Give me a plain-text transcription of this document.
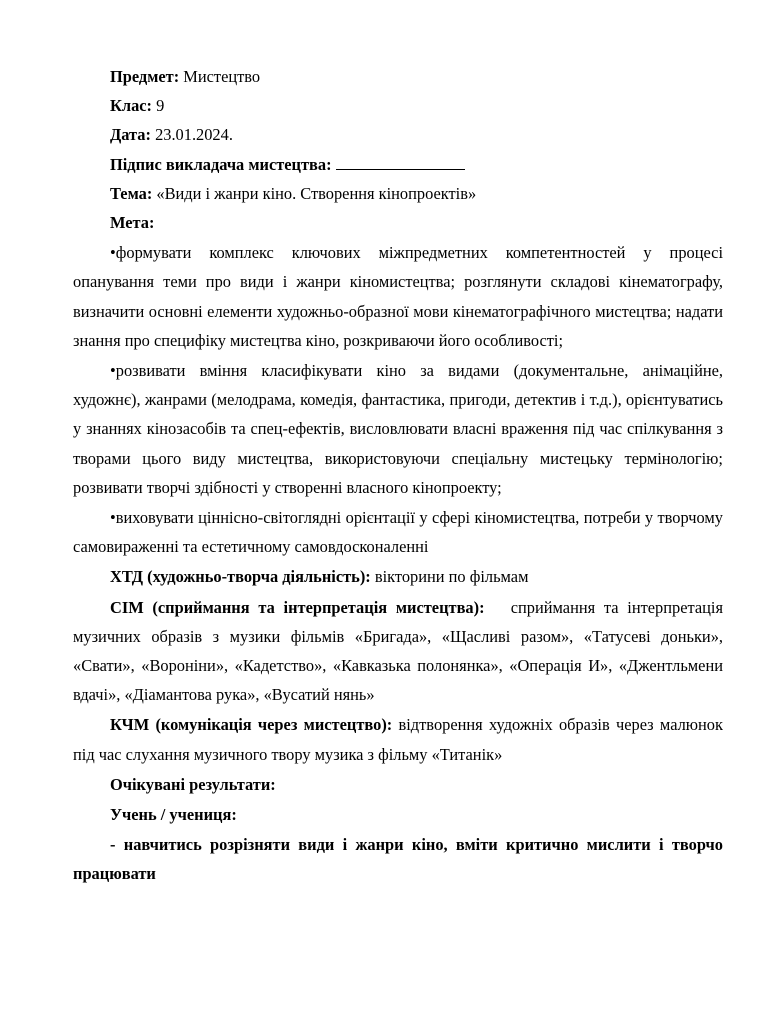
Предмет: Мистецтво

Клас: 9

Дата: 23.01.2024.

Підпис викладача мистецтва:

Тема: «Види і жанри кіно. Створення кінопроектів»

Мета:

•формувати комплекс ключових міжпредметних компетентностей у процесі опанування теми про види і жанри кіномистецтва; розглянути складові кінематографу, визначити основні елементи художньо-образної мови кінематографічного мистецтва; надати знання про специфіку мистецтва кіно, розкриваючи його особливості;

•розвивати вміння класифікувати кіно за видами (документальне, анімаційне, художнє), жанрами (мелодрама, комедія, фантастика, пригоди, детектив і т.д.), орієнтуватись у знаннях кінозасобів та спец-ефектів, висловлювати власні враження під час спілкування з творами цього виду мистецтва, використовуючи спеціальну мистецьку термінологію; розвивати творчі здібності у створенні власного кінопроекту;

•виховувати ціннісно-світоглядні орієнтації у сфері кіномистецтва, потреби у творчому самовираженні та естетичному самовдосконаленні

ХТД (художньо-творча діяльність): вікторини по фільмам

СІМ (сприймання та інтерпретація мистецтва): сприймання та інтерпретація музичних образів з музики фільмів «Бригада», «Щасливі разом», «Татусеві доньки», «Свати», «Вороніни», «Кадетство», «Кавказька полонянка», «Операція И», «Джентльмени вдачі», «Діамантова рука», «Вусатий нянь»

КЧМ (комунікація через мистецтво): відтворення художніх образів через малюнок під час слухання музичного твору музика з фільму «Титанік»

Очікувані результати:

Учень / учениця:

- навчитись розрізняти види і жанри кіно, вміти критично мислити і творчо працювати
